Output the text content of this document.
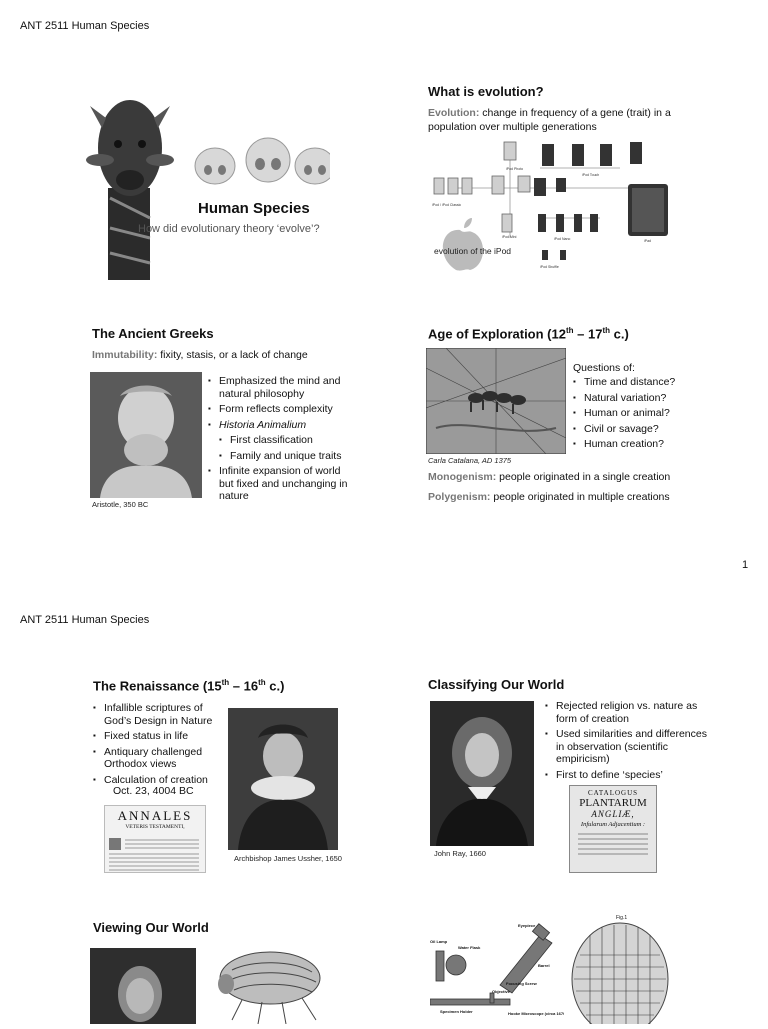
ANT 2511 Human Species
Human Species
How did evolutionary theory ‘evolve’?
What is evolution?
Evolution: change in frequency of a gene (trait) in a population over multiple generations
iPod Photo
iPod / iPod Classic
iPod Touch
iPod Mini	iPod Nano	iPad
iPod Shuffle
evolution of the iPod
The Ancient Greeks
Immutability: fixity, stasis, or a lack of change
Aristotle, 350 BC
▪ Emphasized the mind and natural philosophy
▪ Form reflects complexity
▪ Historia Animalium
▪ First classification
▪ Family and unique traits
▪ Infinite expansion of world but fixed and unchanging in nature
Age of Exploration (12th – 17th c.)
Carla Catalana, AD 1375
Questions of:
▪ Time and distance?
▪ Natural variation?
▪ Human or animal?
▪ Civil or savage?
▪ Human creation?
Monogenism: people originated in a single creation
Polygenism: people originated in multiple creations
1
ANT 2511 Human Species
The Renaissance (15th – 16th c.)
▪ Infallible scriptures of God’s Design in Nature
▪ Fixed status in life
▪ Antiquary challenged Orthodox views
▪ Calculation of creation
Oct. 23, 4004 BC
ANNALES
VETERIS TESTAMENTI,
Archbishop James Ussher, 1650
Classifying Our World
John Ray, 1660
▪ Rejected religion vs. nature as form of creation
▪ Used similarities and differences in observation (scientific empiricism)
▪ First to define ‘species’
CATALOGUS
PLANTARUM
ANGLIÆ,
Infularum Adjacentium :
Viewing Our World	Eyepiece
Oil Lamp
Water Flask
Barrel
Focusing Screw
Objective
Specimen Holder	Hooke Microscope (circa 1670)
Fig.1
